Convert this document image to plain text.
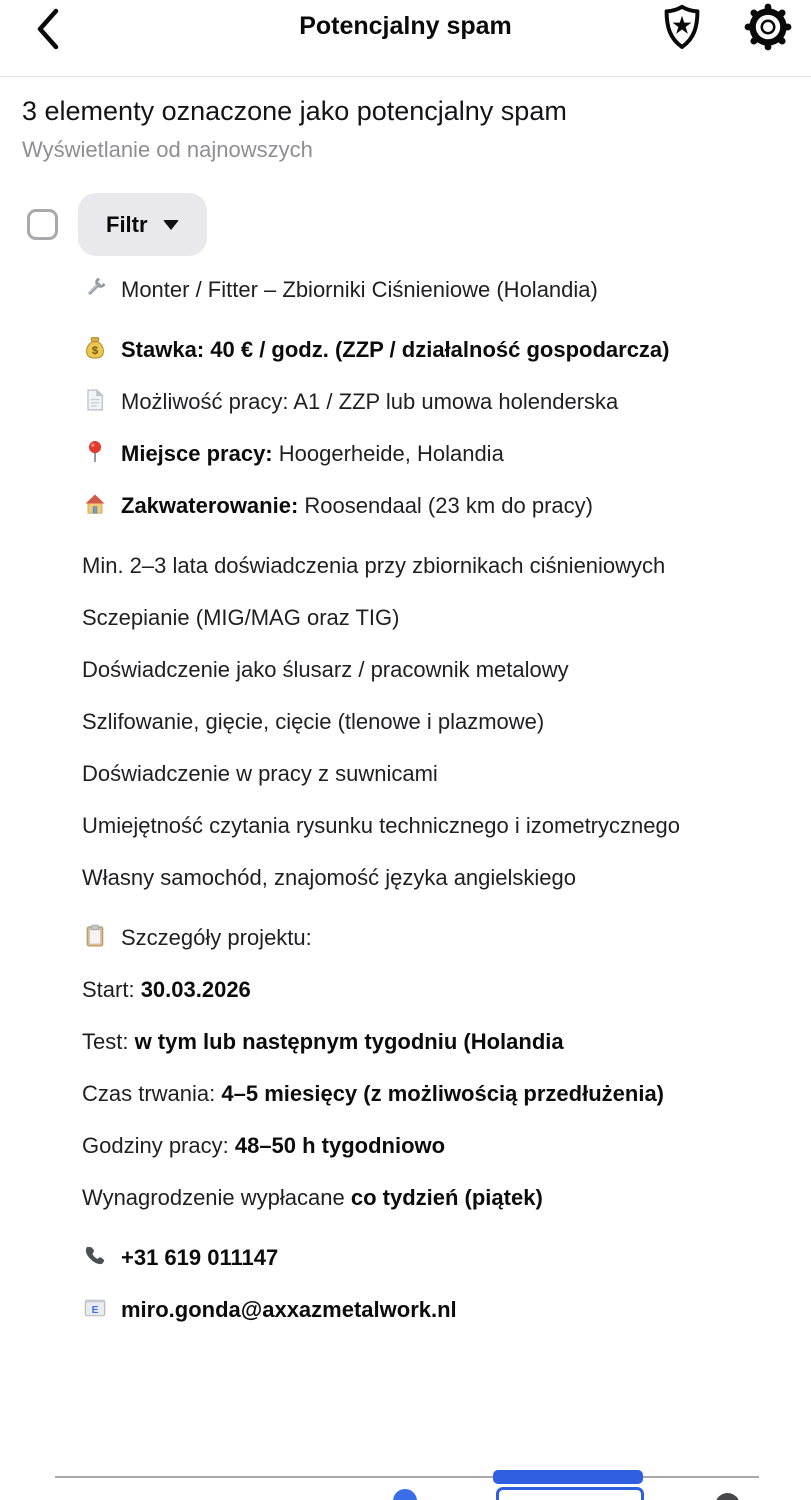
Potencjalny spam
3 elementy oznaczone jako potencjalny spam
Wyświetlanie od najnowszych
Filtr
Monter / Fitter – Zbiorniki Ciśnieniowe (Holandia)
$ Stawka: 40 € / godz. (ZZP / działalność gospodarcza)
Możliwość pracy: A1 / ZZP lub umowa holenderska
Miejsce pracy: Hoogerheide, Holandia
Zakwaterowanie: Roosendaal (23 km do pracy)
Min. 2–3 lata doświadczenia przy zbiornikach ciśnieniowych
Sczepianie (MIG/MAG oraz TIG)
Doświadczenie jako ślusarz / pracownik metalowy
Szlifowanie, gięcie, cięcie (tlenowe i plazmowe)
Doświadczenie w pracy z suwnicami
Umiejętność czytania rysunku technicznego i izometrycznego
Własny samochód, znajomość języka angielskiego
Szczegóły projektu:
Start: 30.03.2026
Test: w tym lub następnym tygodniu (Holandia
Czas trwania: 4–5 miesięcy (z możliwością przedłużenia)
Godziny pracy: 48–50 h tygodniowo
Wynagrodzenie wypłacane co tydzień (piątek)
+31 619 011147
E miro.gonda@axxazmetalwork.nl
